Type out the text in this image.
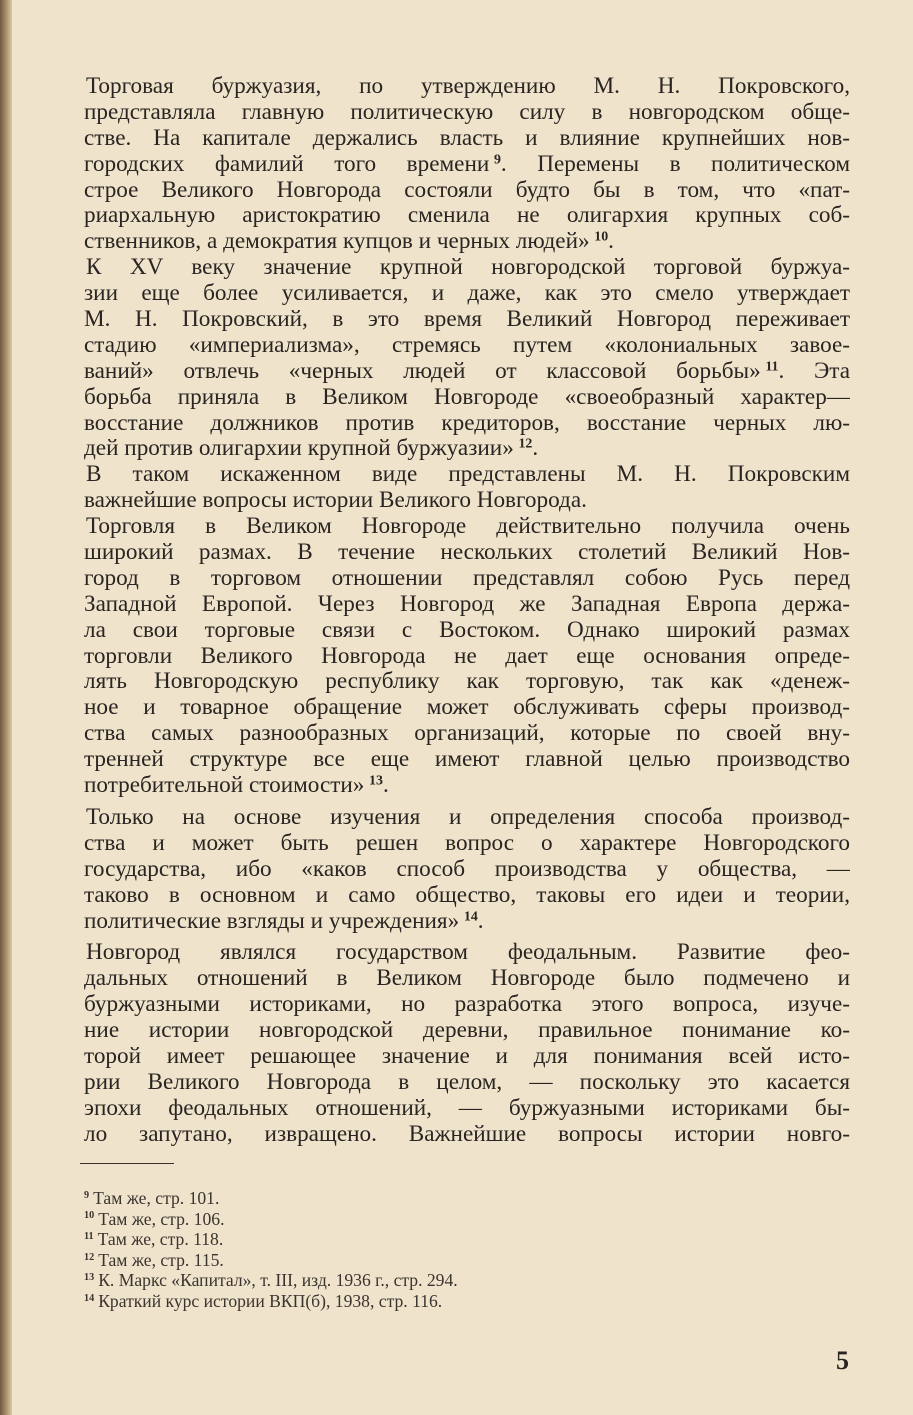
Торговая буржуазия, по утверждению М. Н. Покровского,
представляла главную политическую силу в новгородском обще-
стве. На капитале держались власть и влияние крупнейших нов-
городских фамилий того времени  $^9$. Перемены в политическом
строе Великого Новгорода состояли будто бы в том, что «пат-
риархальную аристократию сменила не олигархия крупных соб-
ственников, а демократия купцов и черных людей»  $^{10}$.
К XV веку значение крупной новгородской торговой буржуа-
зии еще более усиливается, и даже, как это смело утверждает
М. Н. Покровский, в это время Великий Новгород переживает
стадию «империализма», стремясь путем «колониальных завое-
ваний» отвлечь «черных людей от классовой борьбы»  $^{11}$. Эта
борьба приняла в Великом Новгороде «своеобразный характер—
восстание должников против кредиторов, восстание черных лю-
дей против олигархии крупной буржуазии»  $^{12}$.
В таком искаженном виде представлены М. Н. Покровским
важнейшие вопросы истории Великого Новгорода.
Торговля в Великом Новгороде действительно получила очень
широкий размах. В течение нескольких столетий Великий Нов-
город в торговом отношении представлял собою Русь перед
Западной Европой. Через Новгород же Западная Европа держа-
ла свои торговые связи с Востоком. Однако широкий размах
торговли Великого Новгорода не дает еще основания опреде-
лять Новгородскую республику как торговую, так как «денеж-
ное и товарное обращение может обслуживать сферы производ-
ства самых разнообразных организаций, которые по своей вну-
тренней структуре все еще имеют главной целью производство
потребительной стоимости»  $^{13}$.
Только на основе изучения и определения способа производ-
ства и может быть решен вопрос о характере Новгородского
государства, ибо «каков способ производства у общества, —
таково в основном и само общество, таковы его идеи и теории,
политические взгляды и учреждения»  $^{14}$.
Новгород являлся государством феодальным. Развитие фео-
дальных отношений в Великом Новгороде было подмечено и
буржуазными историками, но разработка этого вопроса, изуче-
ние истории новгородской деревни, правильное понимание ко-
торой имеет решающее значение и для понимания всей исто-
рии Великого Новгорода в целом, — поскольку это касается
эпохи феодальных отношений, — буржуазными историками бы-
ло запутано, извращено. Важнейшие вопросы истории новго-
$^9$ Там же, стр. 101.
$^{10}$ Там же, стр. 106.
$^{11}$ Там же, стр. 118.
$^{12}$ Там же, стр. 115.
$^{13}$ К. Маркс «Капитал», т. III, изд. 1936 г., стр. 294.
$^{14}$ Краткий курс истории ВКП(б), 1938, стр. 116.
5
